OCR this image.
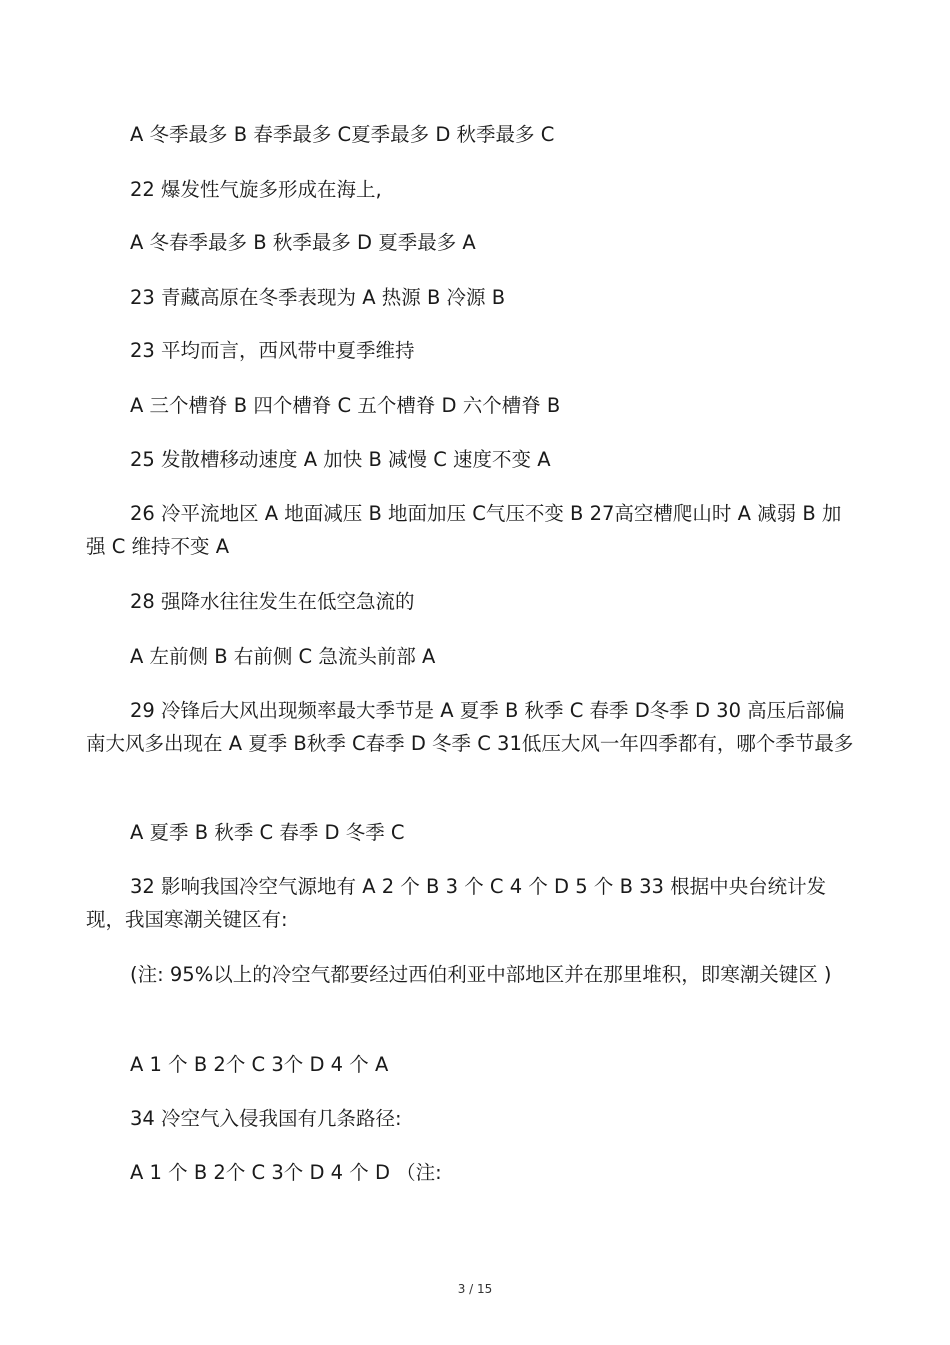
A 冬季最多 B 春季最多 C夏季最多 D 秋季最多 C
22 爆发性气旋多形成在海上,
A 冬春季最多 B 秋季最多 D 夏季最多 A
23 青藏高原在冬季表现为 A 热源 B 冷源 B
23 平均而言，西风带中夏季维持
A 三个槽脊 B 四个槽脊 C 五个槽脊 D 六个槽脊 B
25 发散槽移动速度 A 加快 B 减慢 C 速度不变 A
26 冷平流地区 A 地面减压 B 地面加压 C气压不变 B 27高空槽爬山时 A 减弱 B 加强 C 维持不变 A
28 强降水往往发生在低空急流的
A 左前侧 B 右前侧 C 急流头前部 A
29 冷锋后大风出现频率最大季节是 A 夏季 B 秋季 C 春季 D冬季 D 30 高压后部偏南大风多出现在 A 夏季 B秋季 C春季 D 冬季 C 31低压大风一年四季都有，哪个季节最多
A 夏季 B 秋季 C 春季 D 冬季 C
32 影响我国冷空气源地有 A 2 个 B 3 个 C 4 个 D 5 个 B 33 根据中央台统计发现，我国寒潮关键区有:
(注: 95%以上的冷空气都要经过西伯利亚中部地区并在那里堆积，即寒潮关键区 )
A 1 个 B 2个 C 3个 D 4 个 A
34 冷空气入侵我国有几条路径:
A 1 个 B 2个 C 3个 D 4 个 D （注:
3 / 15
